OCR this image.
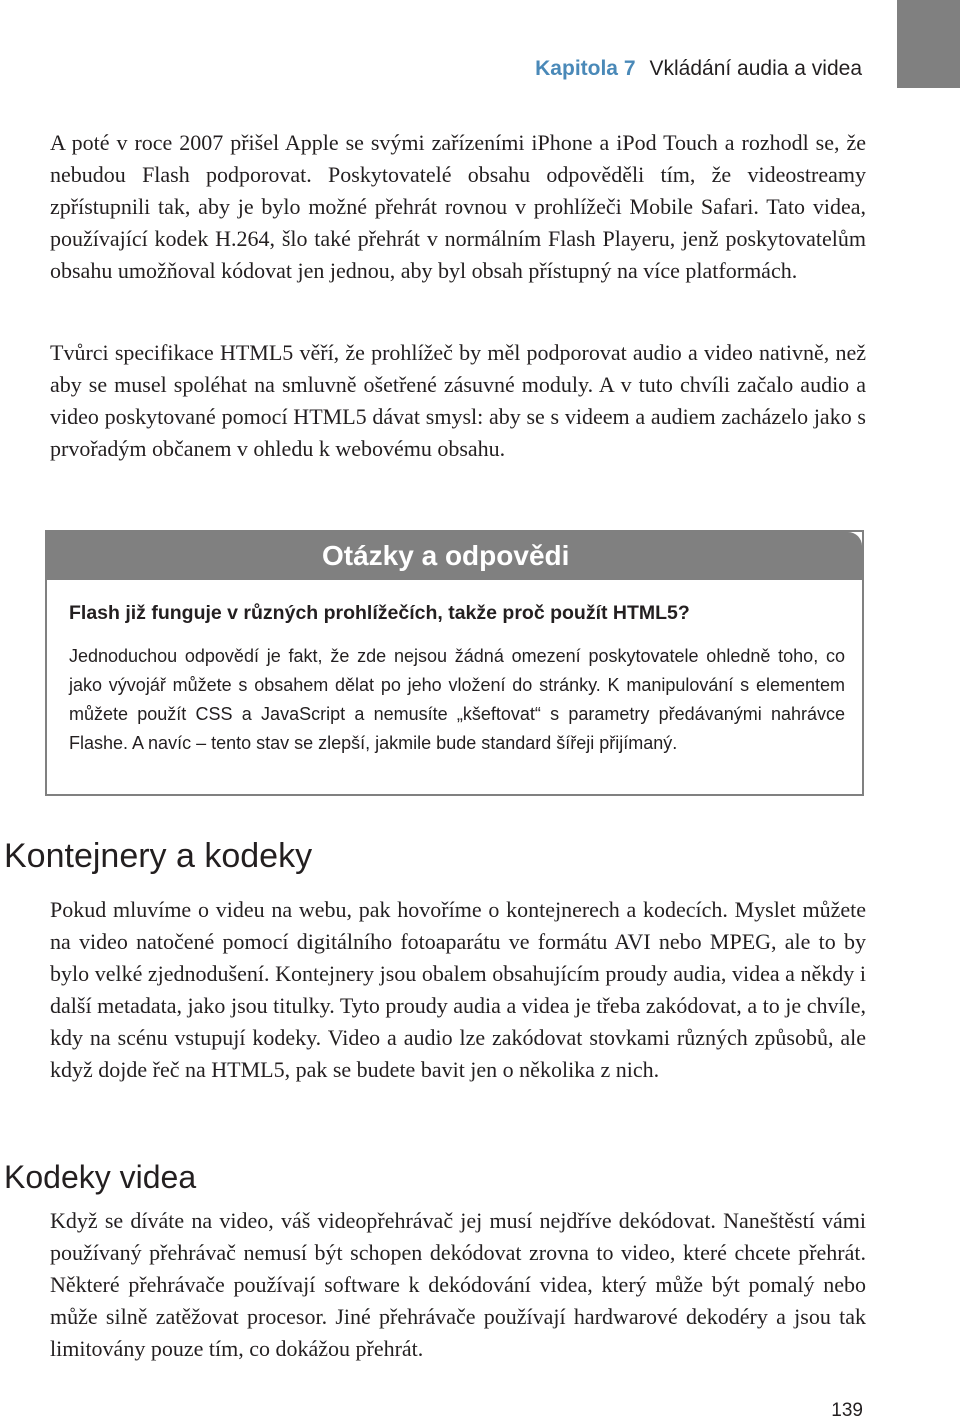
Kapitola 7 Vkládání audia a videa

A poté v roce 2007 přišel Apple se svými zařízeními iPhone a iPod Touch a rozhodl se, že nebudou Flash podporovat. Poskytovatelé obsahu odpověděli tím, že videostreamy zpřístupnili tak, aby je bylo možné přehrát rovnou v prohlížeči Mobile Safari. Tato videa, používající kodek H.264, šlo také přehrát v normálním Flash Playeru, jenž poskytovatelům obsahu umožňoval kódovat jen jednou, aby byl obsah přístupný na více platformách.

Tvůrci specifikace HTML5 věří, že prohlížeč by měl podporovat audio a video nativně, než aby se musel spoléhat na smluvně ošetřené zásuvné moduly. A v tuto chvíli začalo audio a video poskytované pomocí HTML5 dávat smysl: aby se s videem a audiem zacházelo jako s prvořadým občanem v ohledu k webovému obsahu.

Otázky a odpovědi

Flash již funguje v různých prohlížečích, takže proč použít HTML5?

Jednoduchou odpovědí je fakt, že zde nejsou žádná omezení poskytovatele ohledně toho, co jako vývojář můžete s obsahem dělat po jeho vložení do stránky. K manipulování s elementem můžete použít CSS a JavaScript a nemusíte „kšeftovat“ s parametry předávanými nahrávce Flashe. A navíc – tento stav se zlepší, jakmile bude standard šířeji přijímaný.

Kontejnery a kodeky

Pokud mluvíme o videu na webu, pak hovoříme o kontejnerech a kodecích. Myslet můžete na video natočené pomocí digitálního fotoaparátu ve formátu AVI nebo MPEG, ale to by bylo velké zjednodušení. Kontejnery jsou obalem obsahujícím proudy audia, videa a někdy i další metadata, jako jsou titulky. Tyto proudy audia a videa je třeba zakódovat, a to je chvíle, kdy na scénu vstupují kodeky. Video a audio lze zakódovat stovkami různých způsobů, ale když dojde řeč na HTML5, pak se budete bavit jen o několika z nich.

Kodeky videa

Když se díváte na video, váš videopřehrávač jej musí nejdříve dekódovat. Naneštěstí vámi používaný přehrávač nemusí být schopen dekódovat zrovna to video, které chcete přehrát. Některé přehrávače používají software k dekódování videa, který může být pomalý nebo může silně zatěžovat procesor. Jiné přehrávače používají hardwarové dekodéry a jsou tak limitovány pouze tím, co dokážou přehrát.

139
